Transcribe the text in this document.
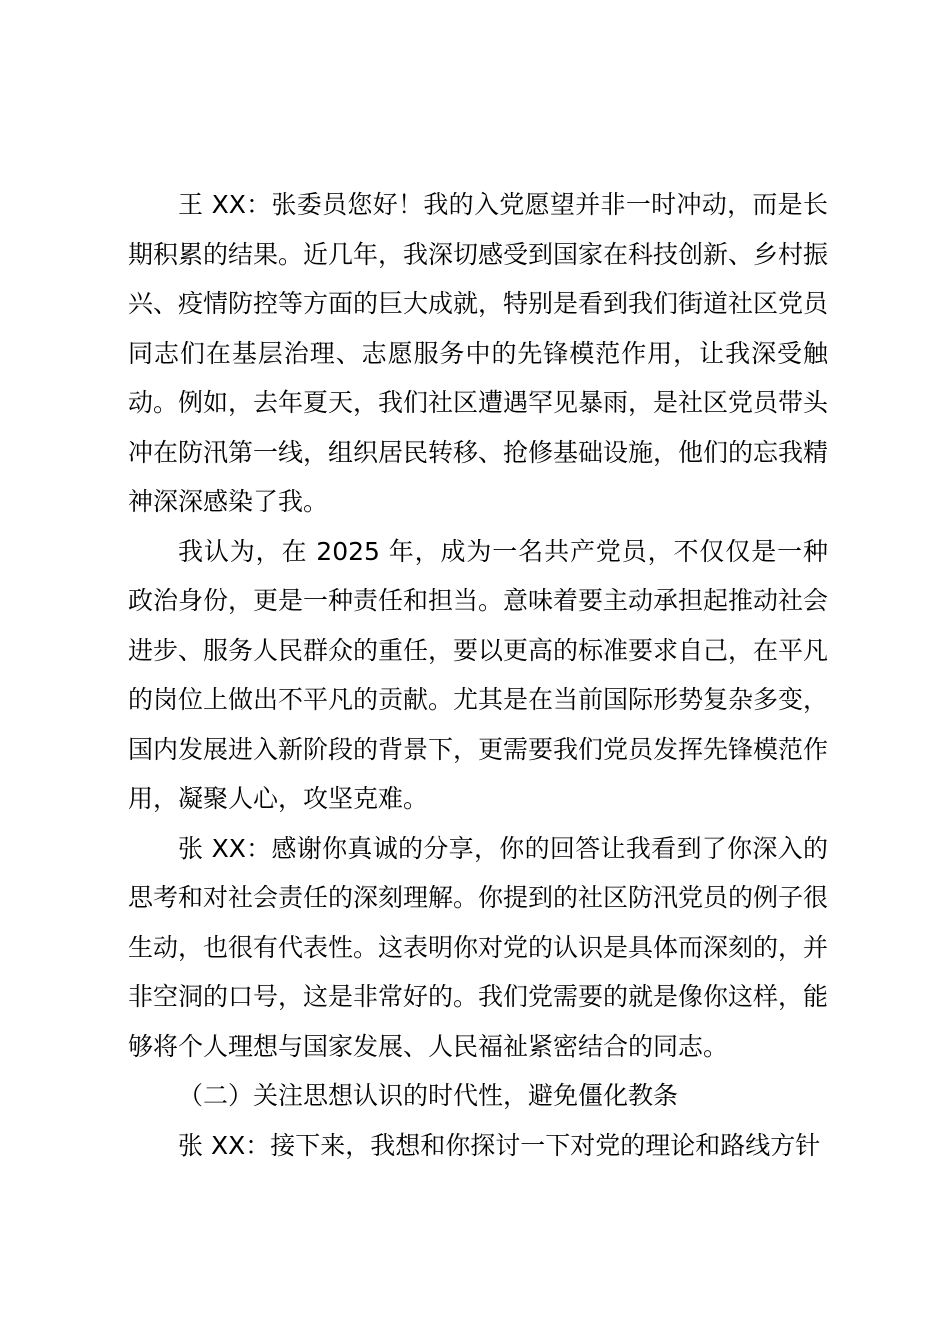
王 XX：张委员您好！我的入党愿望并非一时冲动，而是长期积累的结果。近几年，我深切感受到国家在科技创新、乡村振兴、疫情防控等方面的巨大成就，特别是看到我们街道社区党员同志们在基层治理、志愿服务中的先锋模范作用，让我深受触动。例如，去年夏天，我们社区遭遇罕见暴雨，是社区党员带头冲在防汛第一线，组织居民转移、抢修基础设施，他们的忘我精神深深感染了我。

我认为，在 2025 年，成为一名共产党员，不仅仅是一种政治身份，更是一种责任和担当。意味着要主动承担起推动社会进步、服务人民群众的重任，要以更高的标准要求自己，在平凡的岗位上做出不平凡的贡献。尤其是在当前国际形势复杂多变，国内发展进入新阶段的背景下，更需要我们党员发挥先锋模范作用，凝聚人心，攻坚克难。

张 XX：感谢你真诚的分享，你的回答让我看到了你深入的思考和对社会责任的深刻理解。你提到的社区防汛党员的例子很生动，也很有代表性。这表明你对党的认识是具体而深刻的，并非空洞的口号，这是非常好的。我们党需要的就是像你这样，能够将个人理想与国家发展、人民福祉紧密结合的同志。

（二）关注思想认识的时代性，避免僵化教条

张 XX：接下来，我想和你探讨一下对党的理论和路线方针
